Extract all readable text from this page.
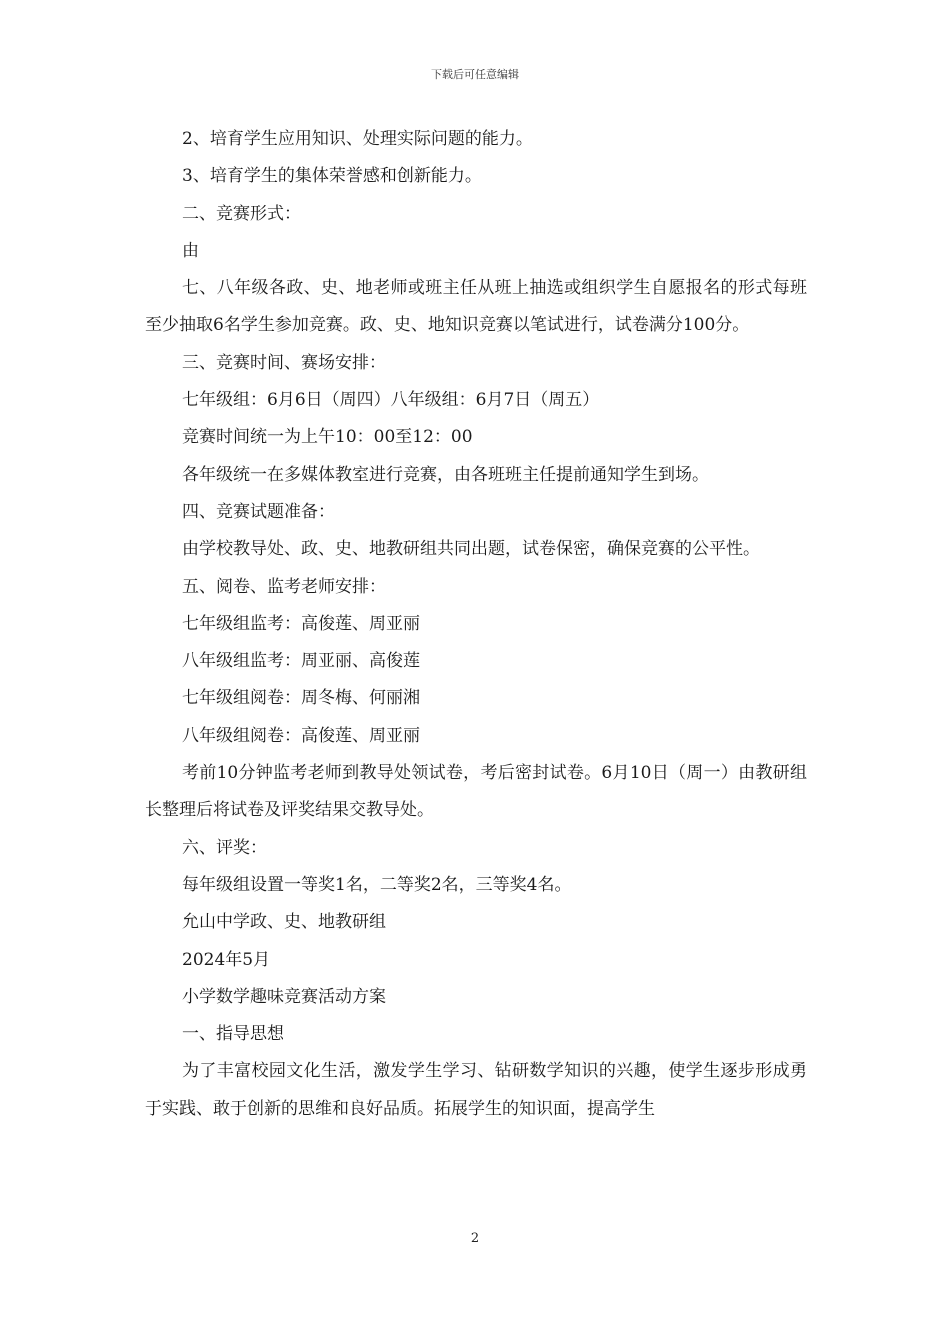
下载后可任意编辑

2、培育学生应用知识、处理实际问题的能力。

3、培育学生的集体荣誉感和创新能力。

二、竞赛形式：

由

七、八年级各政、史、地老师或班主任从班上抽选或组织学生自愿报名的形式每班至少抽取6名学生参加竞赛。政、史、地知识竞赛以笔试进行，试卷满分100分。

三、竞赛时间、赛场安排：

七年级组：6月6日（周四）八年级组：6月7日（周五）

竞赛时间统一为上午10：00至12：00

各年级统一在多媒体教室进行竞赛，由各班班主任提前通知学生到场。

四、竞赛试题准备：

由学校教导处、政、史、地教研组共同出题，试卷保密，确保竞赛的公平性。

五、阅卷、监考老师安排：

七年级组监考：高俊莲、周亚丽

八年级组监考：周亚丽、高俊莲

七年级组阅卷：周冬梅、何丽湘

八年级组阅卷：高俊莲、周亚丽

考前10分钟监考老师到教导处领试卷，考后密封试卷。6月10日（周一）由教研组长整理后将试卷及评奖结果交教导处。

六、评奖：

每年级组设置一等奖1名，二等奖2名，三等奖4名。

允山中学政、史、地教研组

2024年5月

小学数学趣味竞赛活动方案

一、指导思想

为了丰富校园文化生活，激发学生学习、钻研数学知识的兴趣，使学生逐步形成勇于实践、敢于创新的思维和良好品质。拓展学生的知识面，提高学生

2
